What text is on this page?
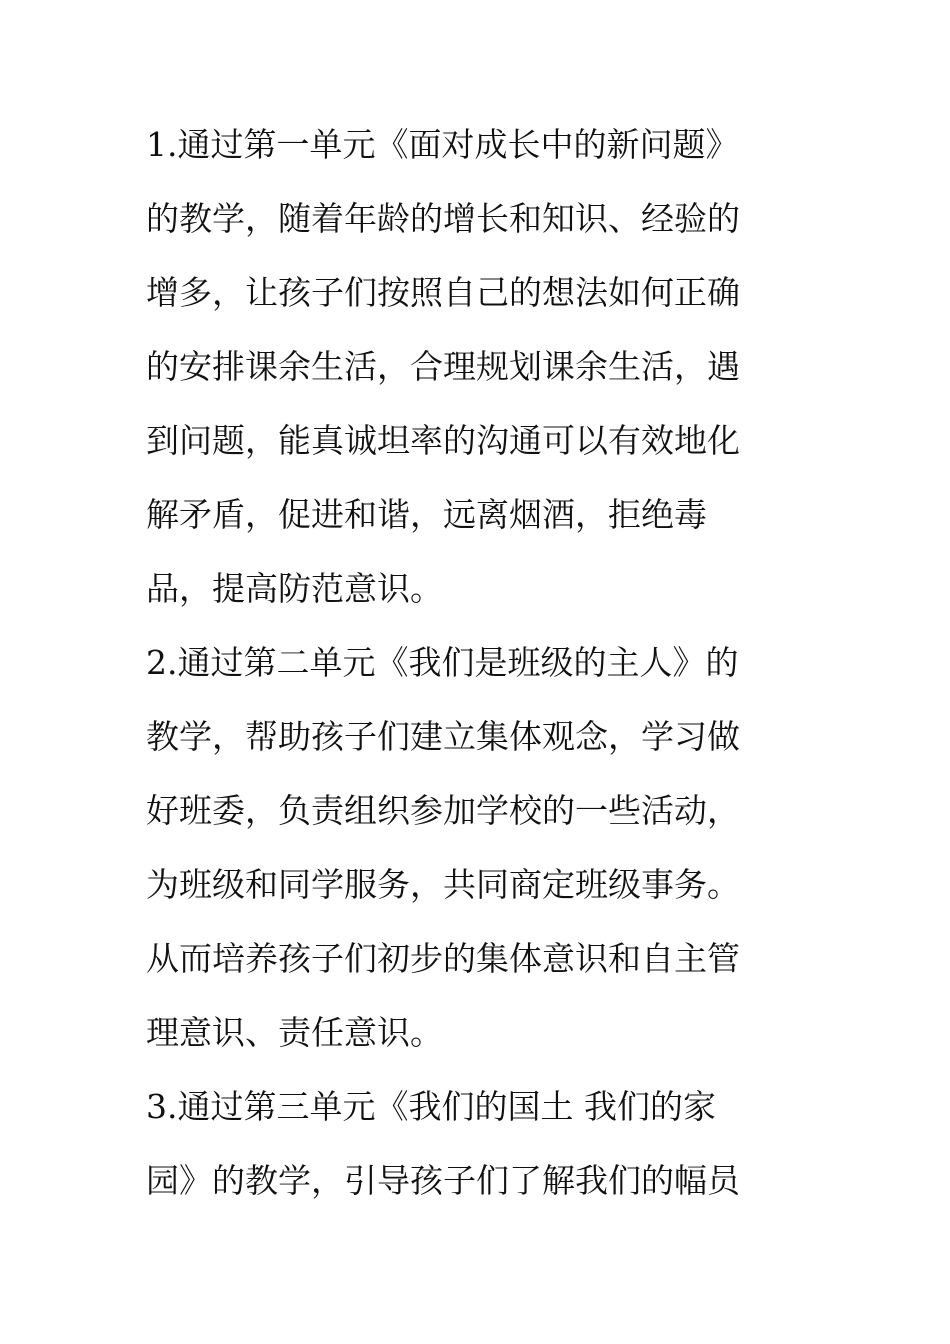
1.通过第一单元《面对成长中的新问题》
的教学，随着年龄的增长和知识、经验的
增多，让孩子们按照自己的想法如何正确
的安排课余生活，合理规划课余生活，遇
到问题，能真诚坦率的沟通可以有效地化
解矛盾，促进和谐，远离烟酒，拒绝毒
品，提高防范意识。
2.通过第二单元《我们是班级的主人》的
教学，帮助孩子们建立集体观念，学习做
好班委，负责组织参加学校的一些活动，
为班级和同学服务，共同商定班级事务。
从而培养孩子们初步的集体意识和自主管
理意识、责任意识。
3.通过第三单元《我们的国土 我们的家
园》的教学，引导孩子们了解我们的幅员
